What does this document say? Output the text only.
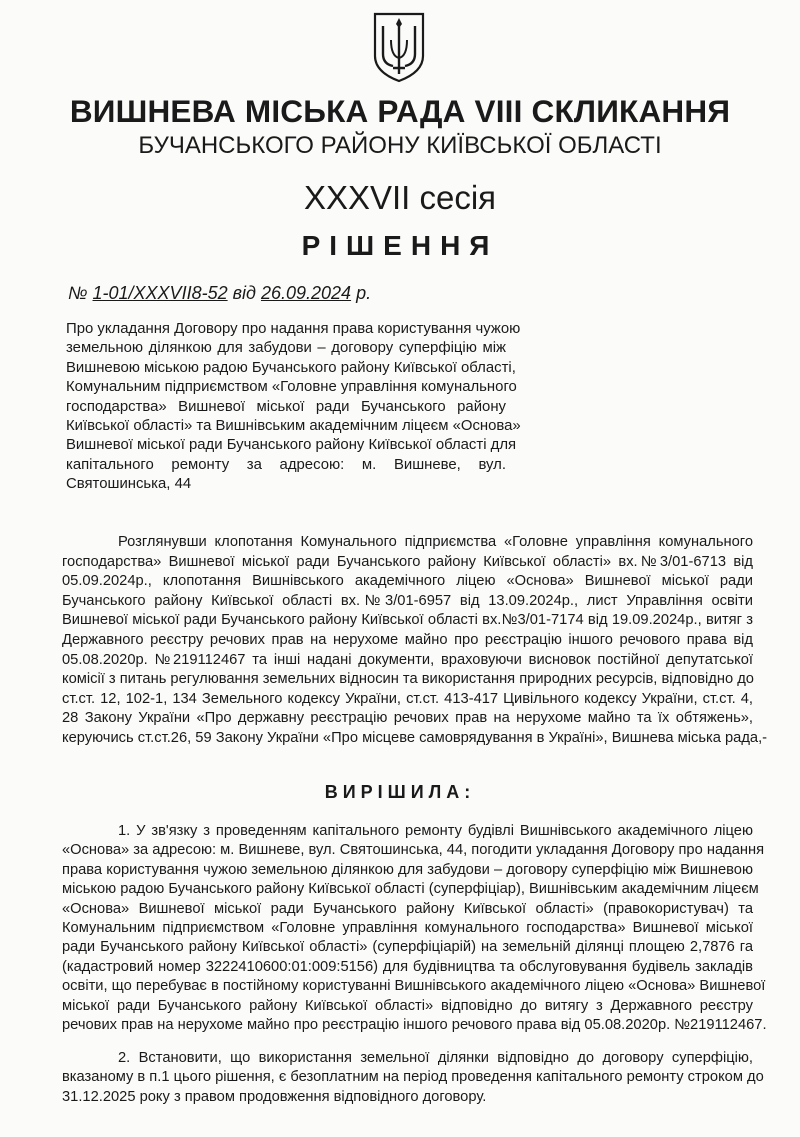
ВИШНЕВА МІСЬКА РАДА VIII СКЛИКАННЯ
БУЧАНСЬКОГО РАЙОНУ КИЇВСЬКОЇ ОБЛАСТІ
XXXVII сесія
РІШЕННЯ
№ 1-01/XXXVII8-52 від 26.09.2024 р.
Про укладання Договору про надання права користування чужою
земельною ділянкою для забудови – договору суперфіцію між
Вишневою міською радою Бучанського району Київської області,
Комунальним підприємством «Головне управління комунального
господарства» Вишневої міської ради Бучанського району
Київської області» та Вишнівським академічним ліцеєм «Основа»
Вишневої міської ради Бучанського району Київської області для
капітального ремонту за адресою: м. Вишневе, вул.
Святошинська, 44
Розглянувши клопотання Комунального підприємства «Головне управління комунального
господарства» Вишневої міської ради Бучанського району Київської області» вх.№3/01-6713 від
05.09.2024р., клопотання Вишнівського академічного ліцею «Основа» Вишневої міської ради
Бучанського району Київської області вх.№3/01-6957 від 13.09.2024р., лист Управління освіти
Вишневої міської ради Бучанського району Київської області вх.№3/01-7174 від 19.09.2024р., витяг з
Державного реєстру речових прав на нерухоме майно про реєстрацію іншого речового права від
05.08.2020р. №219112467 та інші надані документи, враховуючи висновок постійної депутатської
комісії з питань регулювання земельних відносин та використання природних ресурсів, відповідно до
ст.ст. 12, 102-1, 134 Земельного кодексу України, ст.ст. 413-417 Цивільного кодексу України, ст.ст. 4,
28 Закону України «Про державну реєстрацію речових прав на нерухоме майно та їх обтяжень»,
керуючись ст.ст.26, 59 Закону України «Про місцеве самоврядування в Україні», Вишнева міська рада,-
ВИРІШИЛА:
1. У зв'язку з проведенням капітального ремонту будівлі Вишнівського академічного ліцею
«Основа» за адресою: м. Вишневе, вул. Святошинська, 44, погодити укладання Договору про надання
права користування чужою земельною ділянкою для забудови – договору суперфіцію між Вишневою
міською радою Бучанського району Київської області (суперфіціар), Вишнівським академічним ліцеєм
«Основа» Вишневої міської ради Бучанського району Київської області» (правокористувач) та
Комунальним підприємством «Головне управління комунального господарства» Вишневої міської
ради Бучанського району Київської області» (суперфіціарій) на земельній ділянці площею 2,7876 га
(кадастровий номер 3222410600:01:009:5156) для будівництва та обслуговування будівель закладів
освіти, що перебуває в постійному користуванні Вишнівського академічного ліцею «Основа» Вишневої
міської ради Бучанського району Київської області» відповідно до витягу з Державного реєстру
речових прав на нерухоме майно про реєстрацію іншого речового права від 05.08.2020р. №219112467.
2. Встановити, що використання земельної ділянки відповідно до договору суперфіцію,
вказаному в п.1 цього рішення, є безоплатним на період проведення капітального ремонту строком до
31.12.2025 року з правом продовження відповідного договору.
